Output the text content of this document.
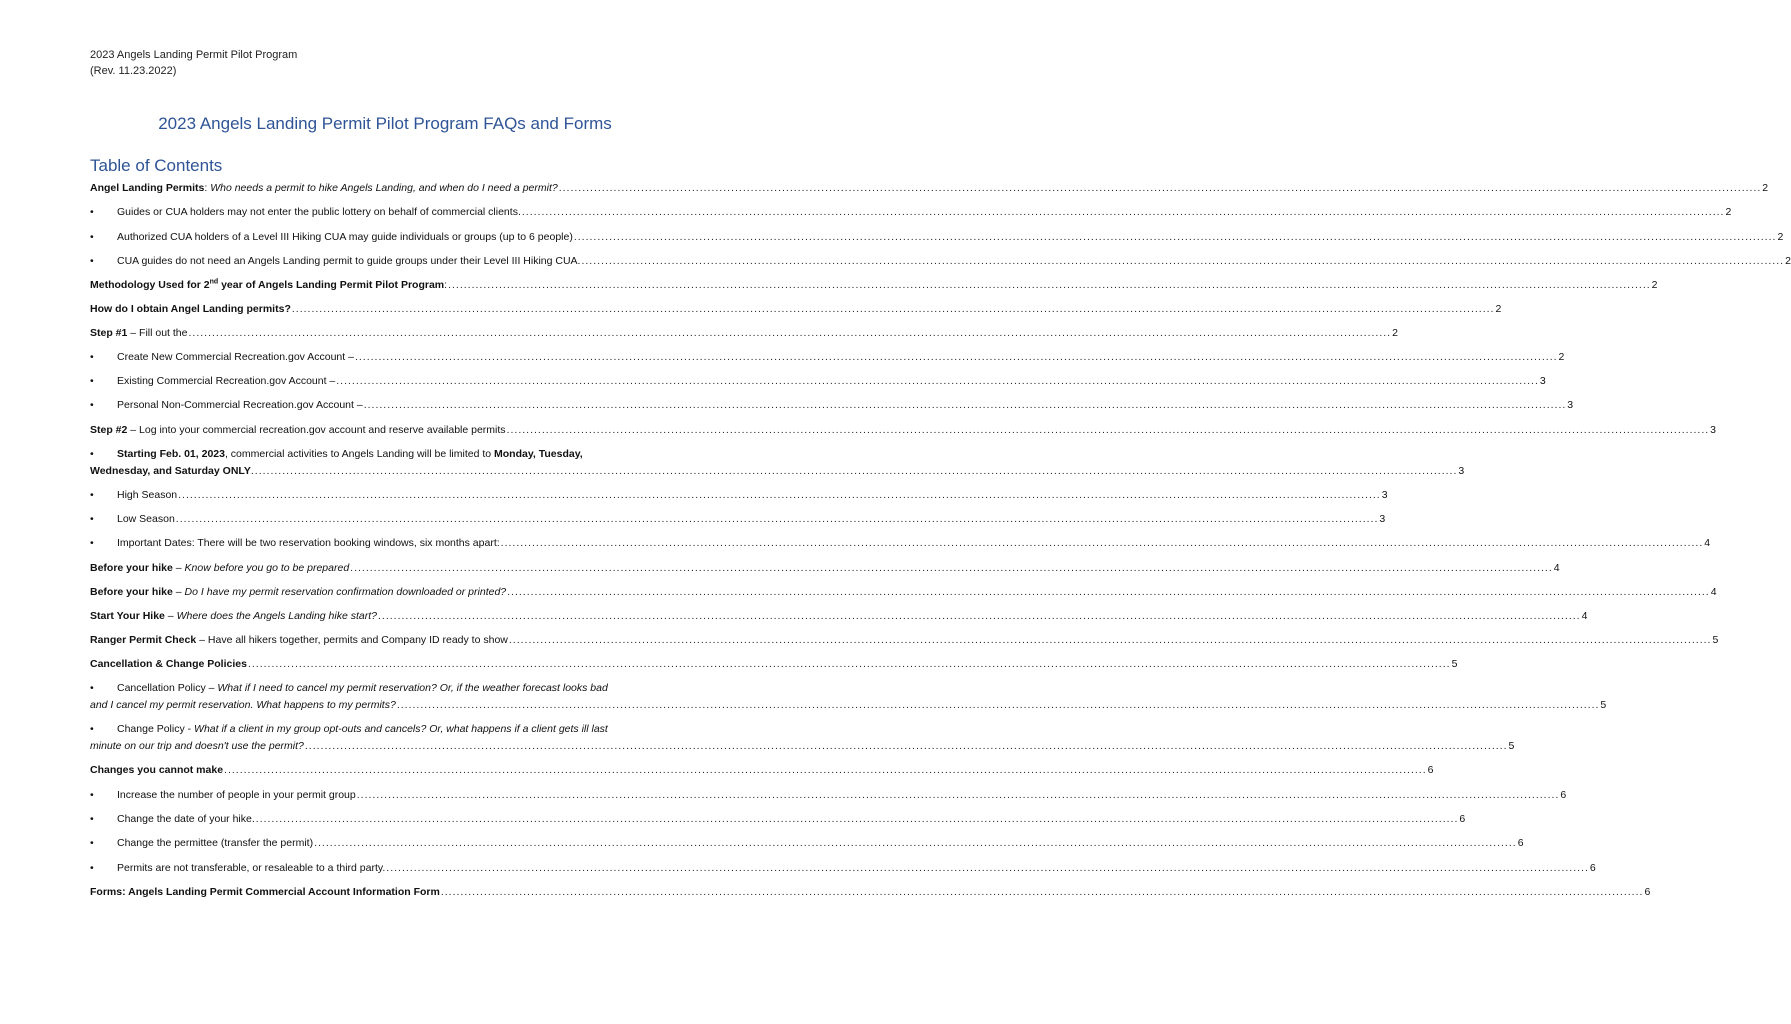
2023 Angels Landing Permit Pilot Program
(Rev. 11.23.2022)
2023 Angels Landing Permit Pilot Program FAQs and Forms
Table of Contents
Angel Landing Permits: Who needs a permit to hike Angels Landing, and when do I need a permit? .....	2
•	Guides or CUA holders may not enter the public lottery on behalf of commercial clients. .....	2
•	Authorized CUA holders of a Level III Hiking CUA may guide individuals or groups (up to 6 people) .....	2
•	CUA guides do not need an Angels Landing permit to guide groups under their Level III Hiking CUA. .....	2
Methodology Used for 2nd year of Angels Landing Permit Pilot Program: .....	2
How do I obtain Angel Landing permits? .....	2
Step #1 – Fill out the .....	2
•	Create New Commercial Recreation.gov Account – .....	2
•	Existing Commercial Recreation.gov Account – .....	3
•	Personal Non-Commercial Recreation.gov Account – .....	3
Step #2 – Log into your commercial recreation.gov account and reserve available permits .....	3
• Starting Feb. 01, 2023, commercial activities to Angels Landing will be limited to Monday, Tuesday,
Wednesday, and Saturday ONLY. .....	3
•	High Season .....	3
•	Low Season .....	3
•	Important Dates: There will be two reservation booking windows, six months apart: .....	4
Before your hike – Know before you go to be prepared .....	4
Before your hike – Do I have my permit reservation confirmation downloaded or printed? .....	4
Start Your Hike – Where does the Angels Landing hike start? .....	4
Ranger Permit Check – Have all hikers together, permits and Company ID ready to show .....	5
Cancellation & Change Policies .....	5
• Cancellation Policy – What if I need to cancel my permit reservation? Or, if the weather forecast looks bad
and I cancel my permit reservation. What happens to my permits? .....	5
• Change Policy - What if a client in my group opt-outs and cancels? Or, what happens if a client gets ill last
minute on our trip and doesn't use the permit? .....	5
Changes you cannot make .....	6
•	Increase the number of people in your permit group .....	6
•	Change the date of your hike. .....	6
•	Change the permittee (transfer the permit) .....	6
•	Permits are not transferable, or resaleable to a third party. .....	6
Forms: Angels Landing Permit Commercial Account Information Form .....	6
